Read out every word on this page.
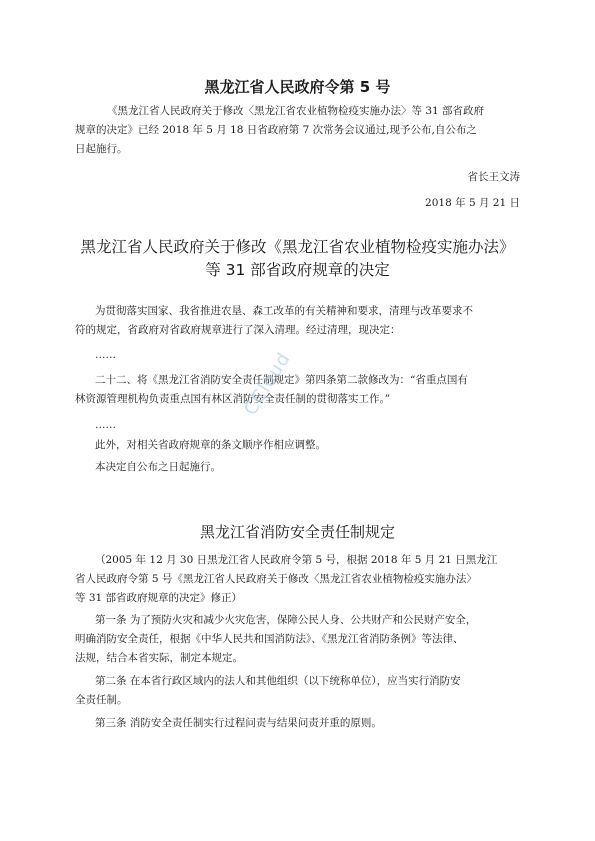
黑龙江省人民政府令第 5 号
《黑龙江省人民政府关于修改〈黑龙江省农业植物检疫实施办法〉等 31 部省政府
规章的决定》已经 2018 年 5 月 18 日省政府第 7 次常务会议通过,现予公布,自公布之
日起施行。
省长王文涛
2018 年 5 月 21 日
黑龙江省人民政府关于修改《黑龙江省农业植物检疫实施办法》
等 31 部省政府规章的决定
为贯彻落实国家、我省推进农垦、森工改革的有关精神和要求，清理与改革要求不
符的规定，省政府对省政府规章进行了深入清理。经过清理，现决定：
……
二十二、将《黑龙江省消防安全责任制规定》第四条第二款修改为：“省重点国有
林资源管理机构负责重点国有林区消防安全责任制的贯彻落实工作。”
……
此外，对相关省政府规章的条文顺序作相应调整。
本决定自公布之日起施行。
黑龙江省消防安全责任制规定
（2005 年 12 月 30 日黑龙江省人民政府令第 5 号，根据 2018 年 5 月 21 日黑龙江
省人民政府令第 5 号《黑龙江省人民政府关于修改〈黑龙江省农业植物检疫实施办法〉
等 31 部省政府规章的决定》修正）
第一条 为了预防火灾和减少火灾危害，保障公民人身、公共财产和公民财产安全，
明确消防安全责任，根据《中华人民共和国消防法》、《黑龙江省消防条例》等法律、
法规，结合本省实际，制定本规定。
第二条 在本省行政区域内的法人和其他组织（以下统称单位），应当实行消防安
全责任制。
第三条 消防安全责任制实行过程问责与结果问责并重的原则。
CCloud
